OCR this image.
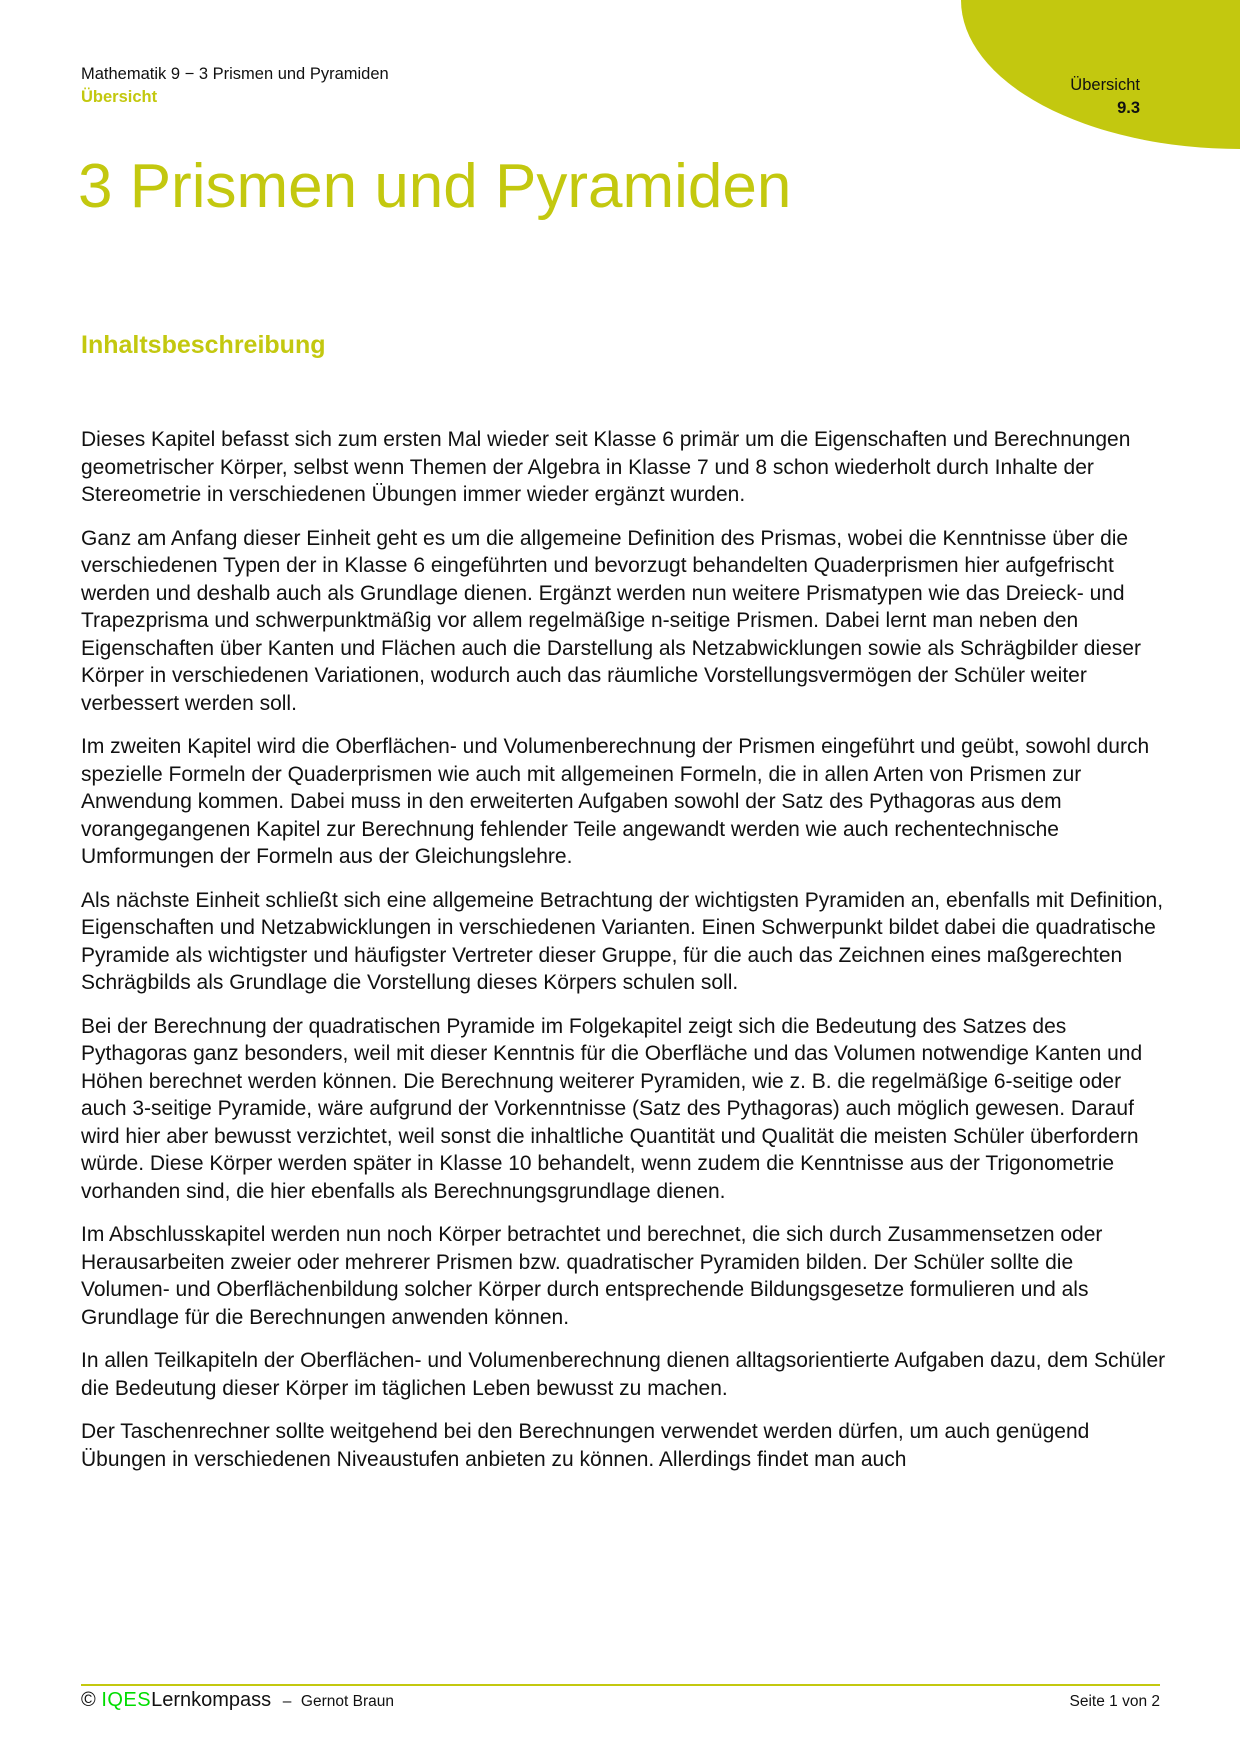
Mathematik 9 − 3 Prismen und Pyramiden
Übersicht
Übersicht
9.3
3 Prismen und Pyramiden
Inhaltsbeschreibung

Dieses Kapitel befasst sich zum ersten Mal wieder seit Klasse 6 primär um die Eigenschaften und Berechnungen geometrischer Körper, selbst wenn Themen der Algebra in Klasse 7 und 8 schon wiederholt durch Inhalte der Stereometrie in verschiedenen Übungen immer wieder ergänzt wurden.

Ganz am Anfang dieser Einheit geht es um die allgemeine Definition des Prismas, wobei die Kenntnisse über die verschiedenen Typen der in Klasse 6 eingeführten und bevorzugt behandelten Quaderprismen hier aufgefrischt werden und deshalb auch als Grundlage dienen. Ergänzt werden nun weitere Prismatypen wie das Dreieck- und Trapezprisma und schwerpunktmäßig vor allem regelmäßige n-seitige Prismen. Dabei lernt man neben den Eigenschaften über Kanten und Flächen auch die Darstellung als Netzabwicklungen sowie als Schrägbilder dieser Körper in verschiedenen Variationen, wodurch auch das räumliche Vorstellungsvermögen der Schüler weiter verbessert werden soll.

Im zweiten Kapitel wird die Oberflächen- und Volumenberechnung der Prismen eingeführt und geübt, sowohl durch spezielle Formeln der Quaderprismen wie auch mit allgemeinen Formeln, die in allen Arten von Prismen zur Anwendung kommen. Dabei muss in den erweiterten Aufgaben sowohl der Satz des Pythagoras aus dem vorangegangenen Kapitel zur Berechnung fehlender Teile angewandt werden wie auch rechentechnische Umformungen der Formeln aus der Gleichungslehre.

Als nächste Einheit schließt sich eine allgemeine Betrachtung der wichtigsten Pyramiden an, ebenfalls mit Definition, Eigenschaften und Netzabwicklungen in verschiedenen Varianten. Einen Schwerpunkt bildet dabei die quadratische Pyramide als wichtigster und häufigster Vertreter dieser Gruppe, für die auch das Zeichnen eines maßgerechten Schrägbilds als Grundlage die Vorstellung dieses Körpers schulen soll.

Bei der Berechnung der quadratischen Pyramide im Folgekapitel zeigt sich die Bedeutung des Satzes des Pythagoras ganz besonders, weil mit dieser Kenntnis für die Oberfläche und das Volumen notwendige Kanten und Höhen berechnet werden können. Die Berechnung weiterer Pyramiden, wie z. B. die regelmäßige 6-seitige oder auch 3-seitige Pyramide, wäre aufgrund der Vorkenntnisse (Satz des Pythagoras) auch möglich gewesen. Darauf wird hier aber bewusst verzichtet, weil sonst die inhaltliche Quantität und Qualität die meisten Schüler überfordern würde. Diese Körper werden später in Klasse 10 behandelt, wenn zudem die Kenntnisse aus der Trigonometrie vorhanden sind, die hier ebenfalls als Berechnungsgrundlage dienen.

Im Abschlusskapitel werden nun noch Körper betrachtet und berechnet, die sich durch Zusammensetzen oder Herausarbeiten zweier oder mehrerer Prismen bzw. quadratischer Pyramiden bilden. Der Schüler sollte die Volumen- und Oberflächenbildung solcher Körper durch entsprechende Bildungsgesetze formulieren und als Grundlage für die Berechnungen anwenden können.

In allen Teilkapiteln der Oberflächen- und Volumenberechnung dienen alltagsorientierte Aufgaben dazu, dem Schüler die Bedeutung dieser Körper im täglichen Leben bewusst zu machen.

Der Taschenrechner sollte weitgehend bei den Berechnungen verwendet werden dürfen, um auch genügend Übungen in verschiedenen Niveaustufen anbieten zu können. Allerdings findet man auch

© IQESLernkompass – Gernot Braun	Seite 1 von 2
